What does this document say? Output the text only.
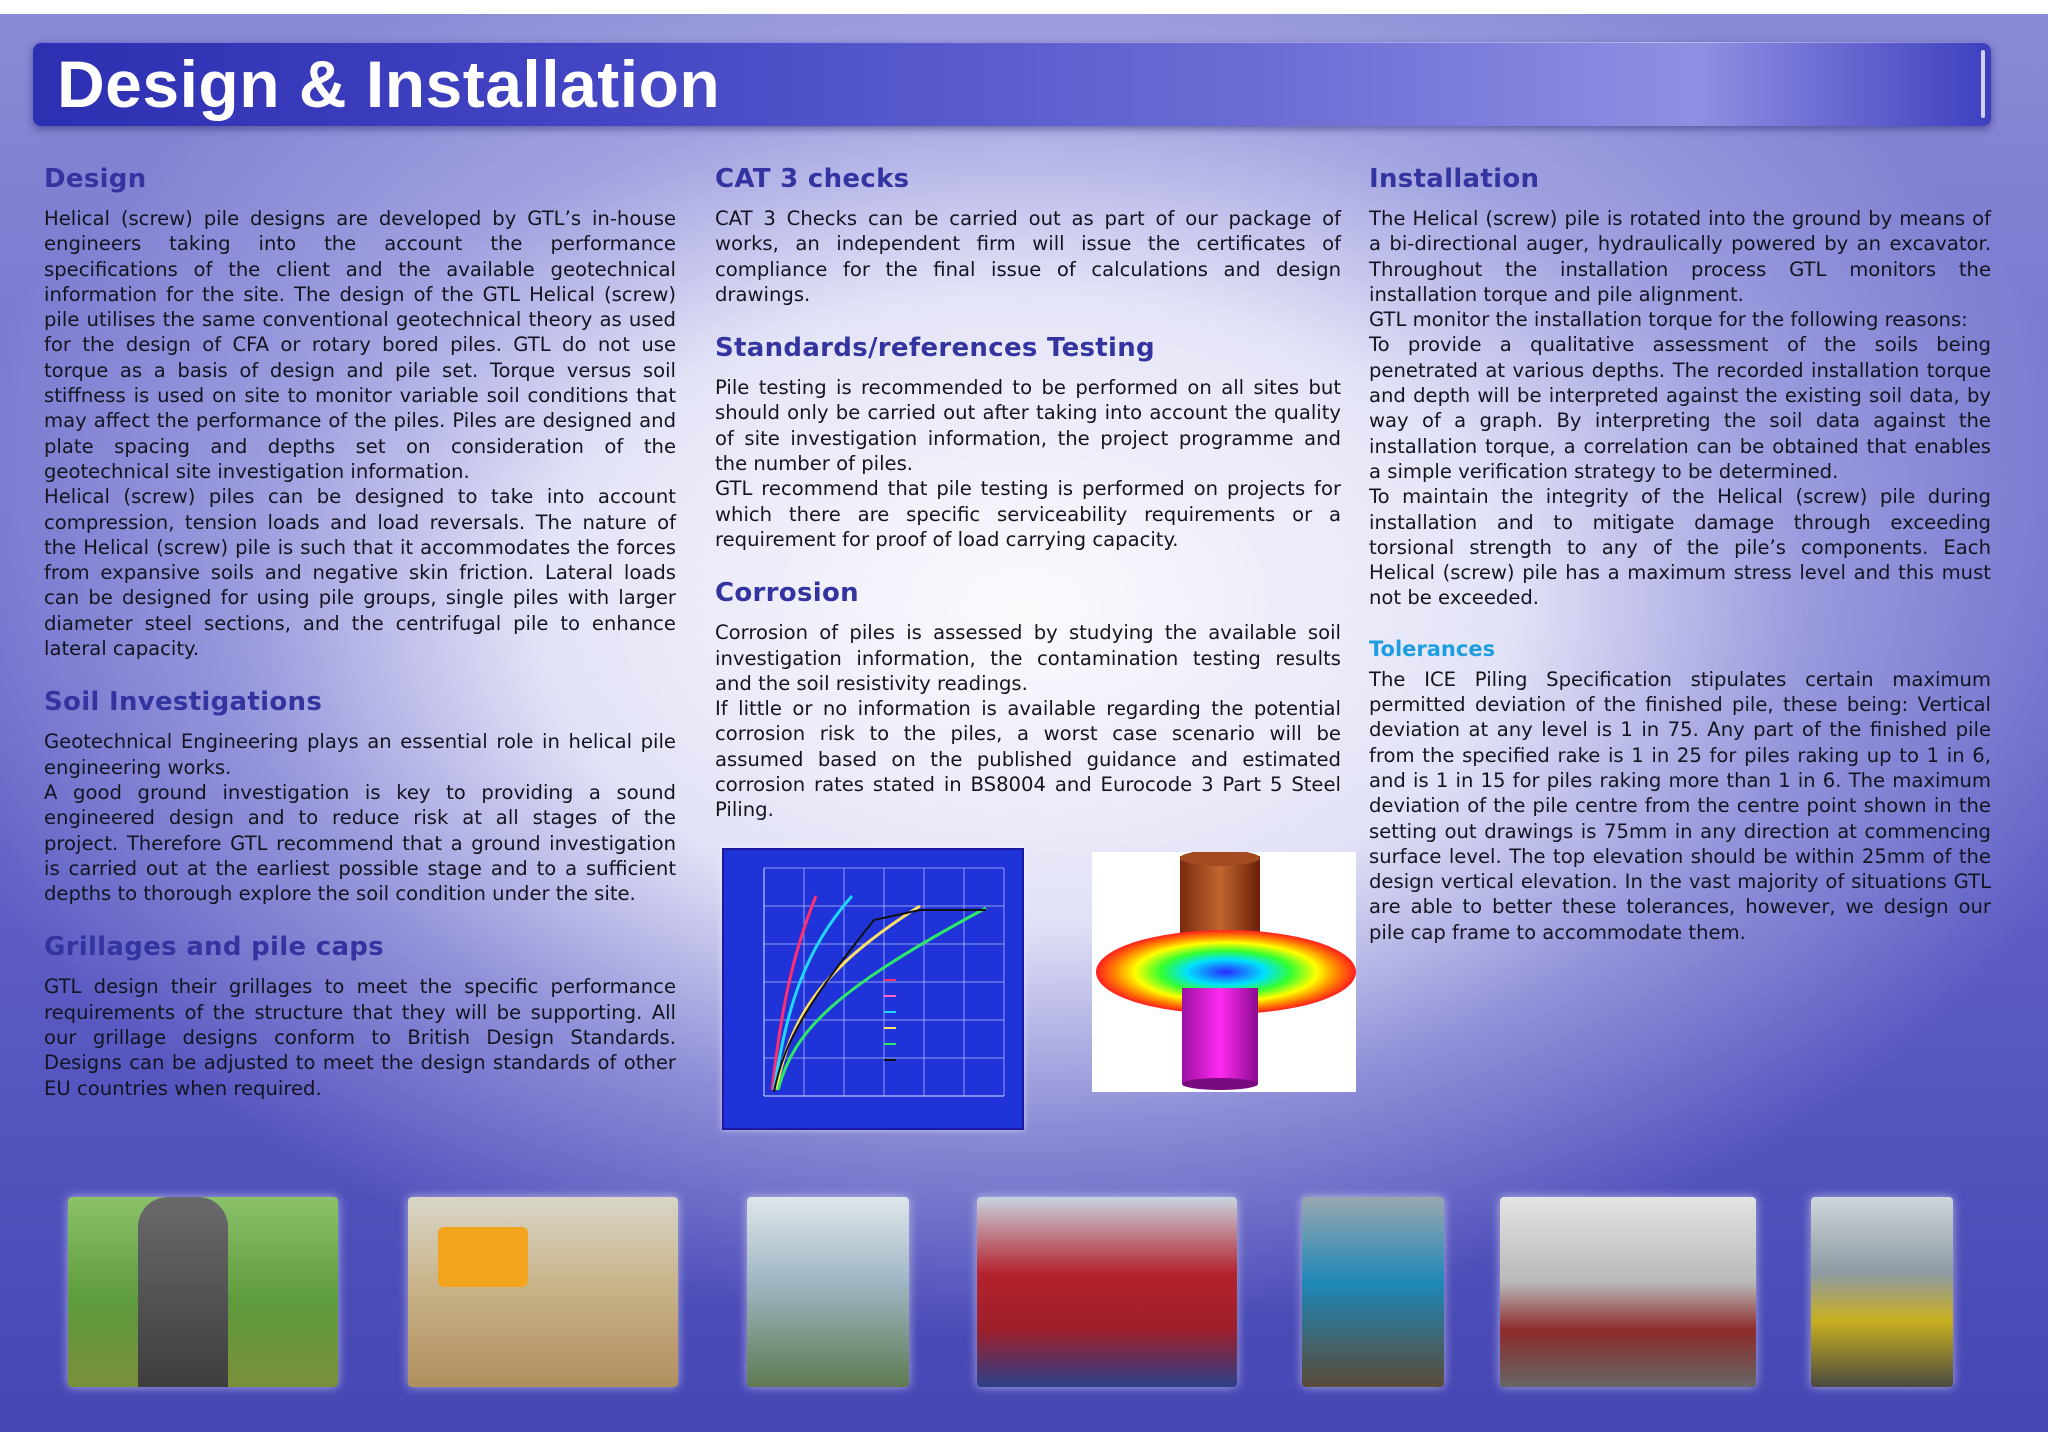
Design & Installation
Design

Helical (screw) pile designs are developed by GTL’s in-house engineers taking into the account the performance specifications of the client and the available geotechnical information for the site. The design of the GTL Helical (screw) pile utilises the same conventional geotechnical theory as used for the design of CFA or rotary bored piles. GTL do not use torque as a basis of design and pile set. Torque versus soil stiffness is used on site to monitor variable soil conditions that may affect the performance of the piles. Piles are designed and plate spacing and depths set on consideration of the geotechnical site investigation information.

Helical (screw) piles can be designed to take into account compression, tension loads and load reversals. The nature of the Helical (screw) pile is such that it accommodates the forces from expansive soils and negative skin friction. Lateral loads can be designed for using pile groups, single piles with larger diameter steel sections, and the centrifugal pile to enhance lateral capacity.

Soil Investigations

Geotechnical Engineering plays an essential role in helical pile engineering works.

A good ground investigation is key to providing a sound engineered design and to reduce risk at all stages of the project. Therefore GTL recommend that a ground investigation is carried out at the earliest possible stage and to a sufficient depths to thorough explore the soil condition under the site.

Grillages and pile caps

GTL design their grillages to meet the specific performance requirements of the structure that they will be supporting. All our grillage designs conform to British Design Standards. Designs can be adjusted to meet the design standards of other EU countries when required.

CAT 3 checks

CAT 3 Checks can be carried out as part of our package of works, an independent firm will issue the certificates of compliance for the final issue of calculations and design drawings.

Standards/references Testing

Pile testing is recommended to be performed on all sites but should only be carried out after taking into account the quality of site investigation information, the project programme and the number of piles.

GTL recommend that pile testing is performed on projects for which there are specific serviceability requirements or a requirement for proof of load carrying capacity.

Corrosion

Corrosion of piles is assessed by studying the available soil investigation information, the contamination testing results and the soil resistivity readings.

If little or no information is available regarding the potential corrosion risk to the piles, a worst case scenario will be assumed based on the published guidance and estimated corrosion rates stated in BS8004 and Eurocode 3 Part 5 Steel Piling.

Installation

The Helical (screw) pile is rotated into the ground by means of a bi-directional auger, hydraulically powered by an excavator. Throughout the installation process GTL monitors the installation torque and pile alignment.

GTL monitor the installation torque for the following reasons:

To provide a qualitative assessment of the soils being penetrated at various depths. The recorded installation torque and depth will be interpreted against the existing soil data, by way of a graph. By interpreting the soil data against the installation torque, a correlation can be obtained that enables a simple verification strategy to be determined.

To maintain the integrity of the Helical (screw) pile during installation and to mitigate damage through exceeding torsional strength to any of the pile’s components. Each Helical (screw) pile has a maximum stress level and this must not be exceeded.

Tolerances

The ICE Piling Specification stipulates certain maximum permitted deviation of the finished pile, these being: Vertical deviation at any level is 1 in 75. Any part of the finished pile from the specified rake is 1 in 25 for piles raking up to 1 in 6, and is 1 in 15 for piles raking more than 1 in 6. The maximum deviation of the pile centre from the centre point shown in the setting out drawings is 75mm in any direction at commencing surface level. The top elevation should be within 25mm of the design vertical elevation. In the vast majority of situations GTL are able to better these tolerances, however, we design our pile cap frame to accommodate them.
